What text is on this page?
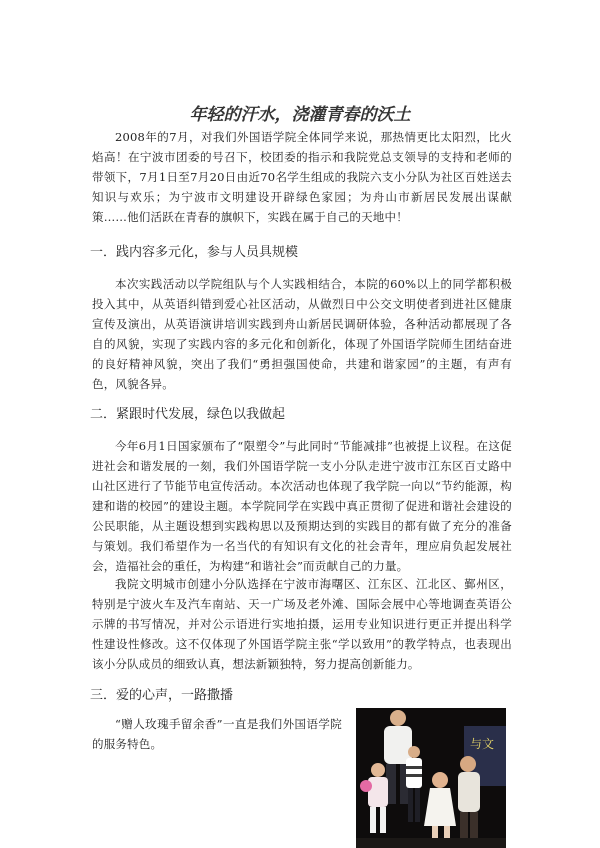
年轻的汗水，浇灌青春的沃土

2008年的7月，对我们外国语学院全体同学来说，那热情更比太阳烈，比火焰高！在宁波市团委的号召下，校团委的指示和我院党总支领导的支持和老师的带领下，7月1日至7月20日由近70名学生组成的我院六支小分队为社区百姓送去知识与欢乐；为宁波市文明建设开辟绿色家园；为舟山市新居民发展出谋献策……他们活跃在青春的旗帜下，实践在属于自己的天地中！

一．践内容多元化，参与人员具规模

本次实践活动以学院组队与个人实践相结合，本院的60%以上的同学都积极投入其中，从英语纠错到爱心社区活动，从做烈日中公交文明使者到进社区健康宣传及演出，从英语演讲培训实践到舟山新居民调研体验，各种活动都展现了各自的风貌，实现了实践内容的多元化和创新化，体现了外国语学院师生团结奋进的良好精神风貌，突出了我们“勇担强国使命，共建和谐家园”的主题，有声有色，风貌各异。

二．紧跟时代发展，绿色以我做起

今年6月1日国家颁布了“限塑令”与此同时“节能减排”也被提上议程。在这促进社会和谐发展的一刻，我们外国语学院一支小分队走进宁波市江东区百丈路中山社区进行了节能节电宣传活动。本次活动也体现了我学院一向以“节约能源，构建和谐的校园”的建设主题。本学院同学在实践中真正贯彻了促进和谐社会建设的公民职能，从主题设想到实践构思以及预期达到的实践目的都有做了充分的准备与策划。我们希望作为一名当代的有知识有文化的社会青年，理应肩负起发展社会，造福社会的重任，为构建“和谐社会”而贡献自己的力量。

我院文明城市创建小分队选择在宁波市海曙区、江东区、江北区、鄞州区，特别是宁波火车及汽车南站、天一广场及老外滩、国际会展中心等地调查英语公示牌的书写情况，并对公示语进行实地拍摄，运用专业知识进行更正并提出科学性建设性修改。这不仅体现了外国语学院主张“学以致用”的教学特点，也表现出该小分队成员的细致认真，想法新颖独特，努力提高创新能力。

三．爱的心声，一路撒播

“赠人玫瑰手留余香”一直是我们外国语学院的服务特色。	与文
